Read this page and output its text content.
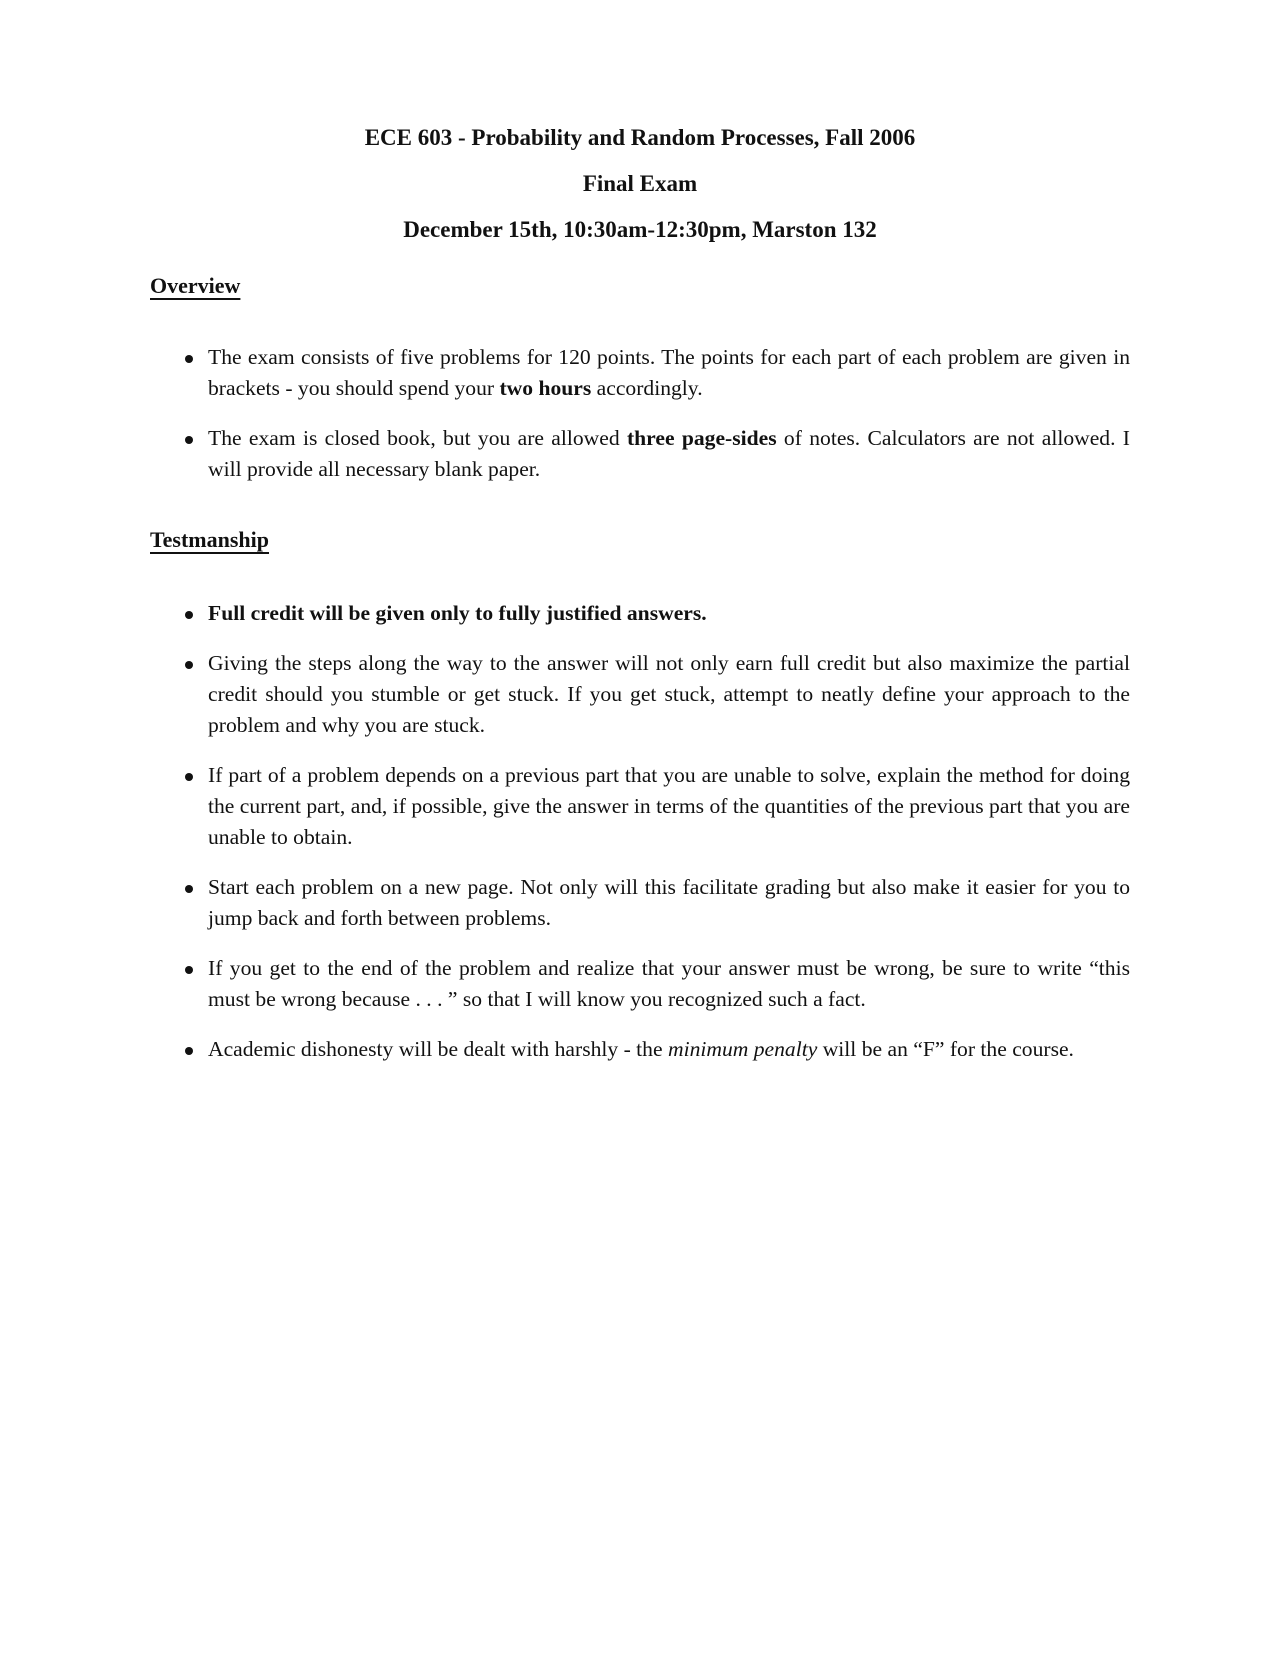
ECE 603 - Probability and Random Processes, Fall 2006
Final Exam
December 15th, 10:30am-12:30pm, Marston 132
Overview
The exam consists of five problems for 120 points. The points for each part of each problem are given in brackets - you should spend your two hours accordingly.
The exam is closed book, but you are allowed three page-sides of notes. Calculators are not allowed. I will provide all necessary blank paper.
Testmanship
Full credit will be given only to fully justified answers.
Giving the steps along the way to the answer will not only earn full credit but also maximize the partial credit should you stumble or get stuck. If you get stuck, attempt to neatly define your approach to the problem and why you are stuck.
If part of a problem depends on a previous part that you are unable to solve, explain the method for doing the current part, and, if possible, give the answer in terms of the quantities of the previous part that you are unable to obtain.
Start each problem on a new page. Not only will this facilitate grading but also make it easier for you to jump back and forth between problems.
If you get to the end of the problem and realize that your answer must be wrong, be sure to write “this must be wrong because . . . ” so that I will know you recognized such a fact.
Academic dishonesty will be dealt with harshly - the minimum penalty will be an “F” for the course.
